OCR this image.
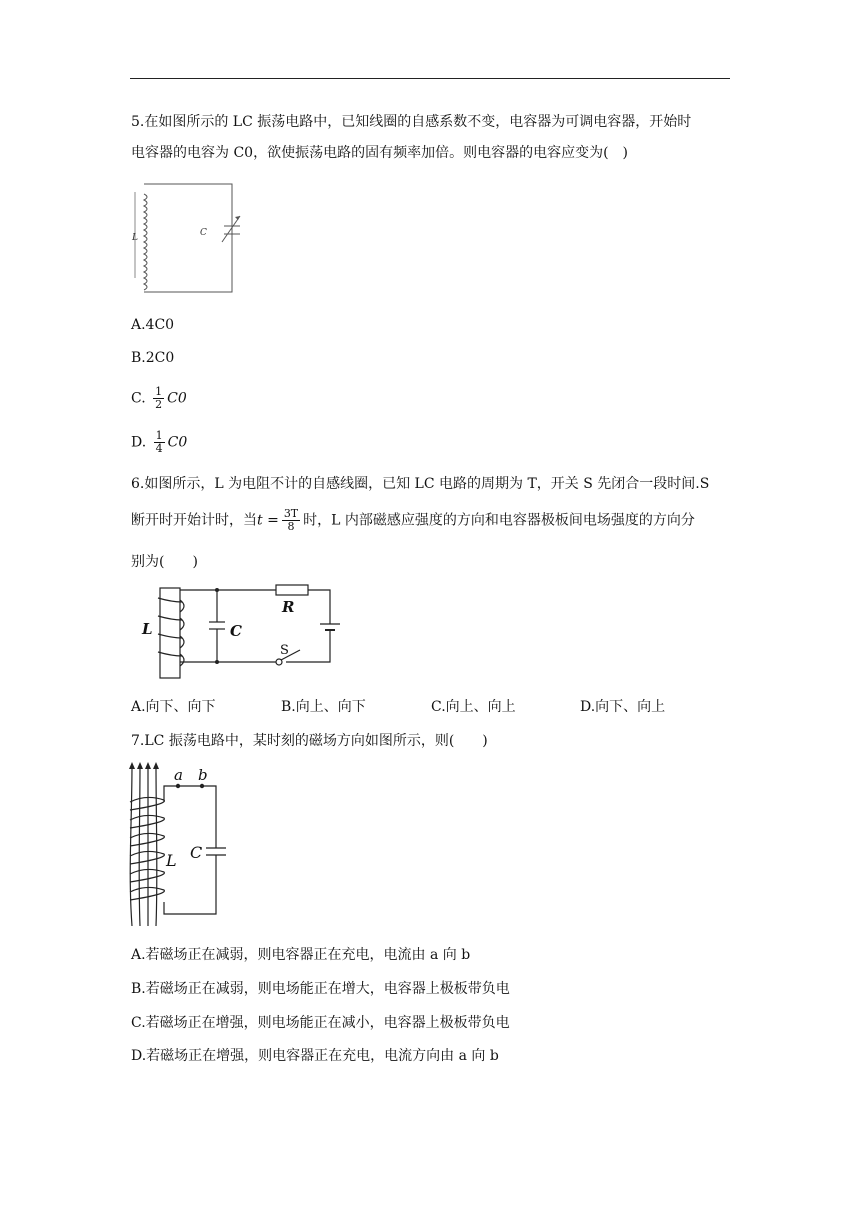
5.在如图所示的 LC 振荡电路中，已知线圈的自感系数不变，电容器为可调电容器，开始时
电容器的电容为 C0，欲使振荡电路的固有频率加倍。则电容器的电容应变为(　)
L	C
A.4C0
B.2C0
C. $\frac{1}{2} C0$
D. $\frac{1}{4} C0$
6.如图所示，L 为电阻不计的自感线圈，已知 LC 电路的周期为 T，开关 S 先闭合一段时间.S
断开时开始计时，当$t = \frac{3T}{8}$ 时，L 内部磁感应强度的方向和电容器极板间电场强度的方向分
别为(　　)
L
R
S
C
A.向下、向下	B.向上、向下	C.向上、向上	D.向下、向上
7.LC 振荡电路中，某时刻的磁场方向如图所示，则(　　)
a b
C
L
A.若磁场正在减弱，则电容器正在充电，电流由 a 向 b
B.若磁场正在减弱，则电场能正在增大，电容器上极板带负电
C.若磁场正在增强，则电场能正在减小，电容器上极板带负电
D.若磁场正在增强，则电容器正在充电，电流方向由 a 向 b
